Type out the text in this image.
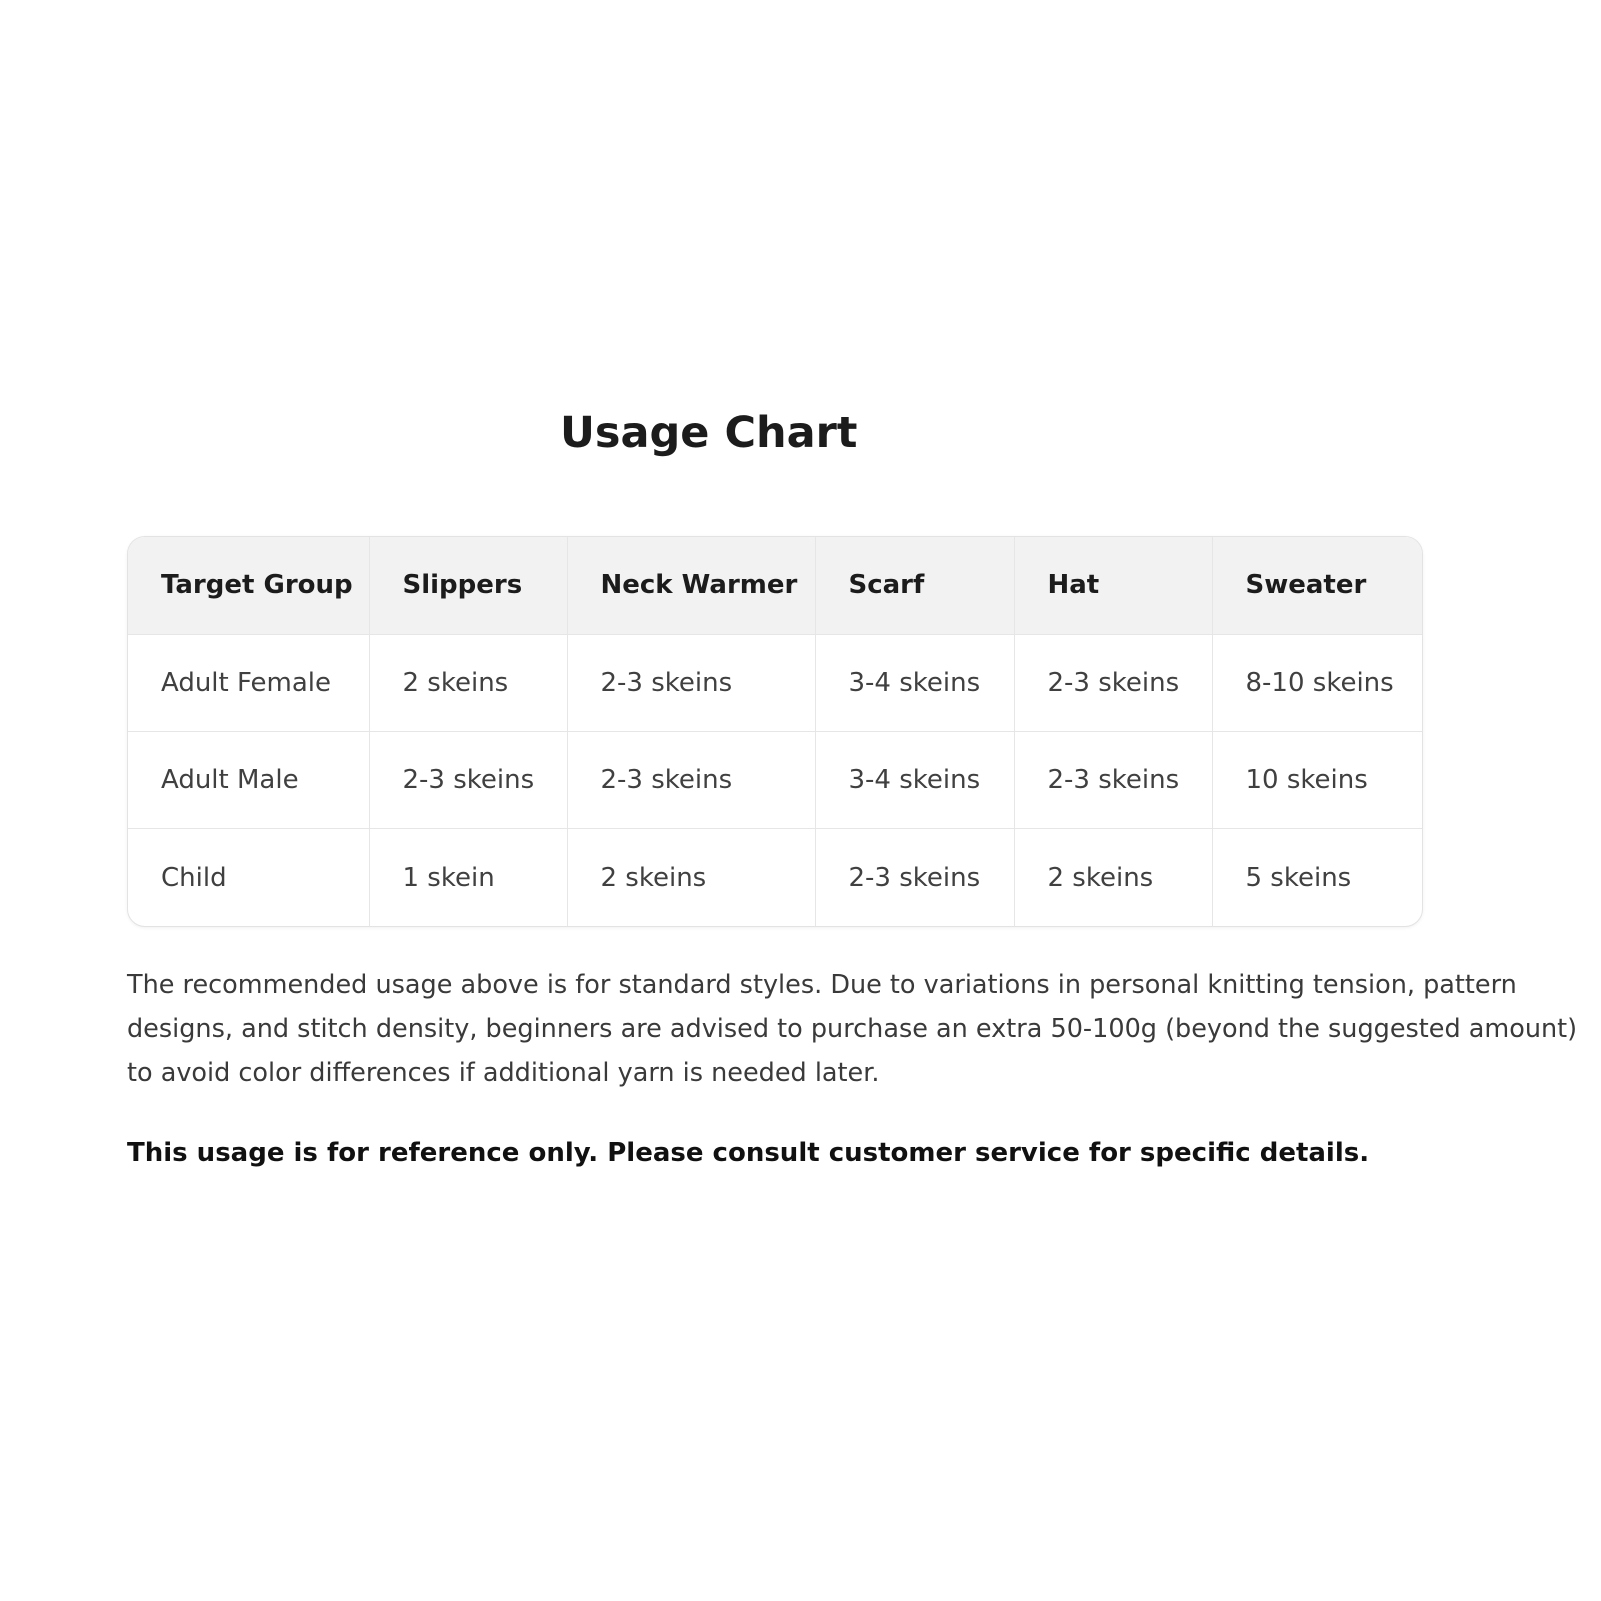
Usage Chart
Target Group	Slippers	Neck Warmer	Scarf	Hat	Sweater
Adult Female	2 skeins	2-3 skeins	3-4 skeins	2-3 skeins	8-10 skeins
Adult Male	2-3 skeins	2-3 skeins	3-4 skeins	2-3 skeins	10 skeins
Child	1 skein	2 skeins	2-3 skeins	2 skeins	5 skeins
The recommended usage above is for standard styles. Due to variations in personal knitting tension, pattern designs, and stitch density, beginners are advised to purchase an extra 50-100g (beyond the suggested amount) to avoid color differences if additional yarn is needed later.
This usage is for reference only. Please consult customer service for specific details.
